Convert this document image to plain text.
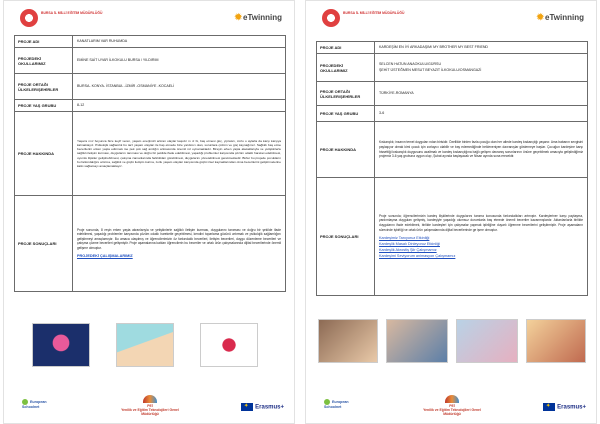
BURSA İL MİLLİ EĞİTİM MÜDÜRLÜĞÜ	✹eTwinning
PROJE ADI	KANATLARIM VAR RUHUMDA
PROJEDEKİ OKULLARIMIZ	EMİNE SAİT UYAR İLKOKULU BURSA / YILDIRIM
PROJE ORTAĞI ÜLKELER/ŞEHİRLER	BURSA- KONYA- İSTANBUL -İZMİR -OSMANİYE -KOCAELİ
PROJE YAŞ GRUBU	8-12
PROJE HAKKINDA	Yaşamı mız boyunca bize keyif veren, yaşam enerjimizi artıran olaylar kaşıdır m ız bi, baş etmesi güç, yıpratıcı, zorlu o aylarla da karşı karşıya kalmaktayız. Psikolojik sağlamlık bu tarz yaşam olayları ile baş etmede bize yardımcı olan, sorunlara çözüm ve güç kaynağımız. Sağlıklı baş etme becerilerini erken yaşta edinmek ise pek çok sağ amlığın artmasında önemli rol oynamaktadır. Bireyin erken yaşta alacaklarıyla ve yetişkinlerle sağlıklı iletişim kurması, duygularını tanıması ve doğru bir şekilde ifade edebilmesi, yaşadığı problemler karşısında çözüm odaklı hareket edebilmesi, uyumlu ilişkiler geliştirebilmesi, çatışma zamanlarında farklılıkları görebilmesi, duygularını yönetebilmesi gerekmektedir. Bizler bu projede çocukların bu farkındalığını artırma, sağlıklı ve güçlü iletişim kurma, zorlu yaşam olayları karşısında güçlü izsel kaynaklarından olma becerilerini geliştirmelerine katkı sağlamayı amaçlamaktayız.
PROJE SONUÇLARI	Proje sonunda, 8 reşin erken yaşta akranlarıyla ve yetişkinlerle sağlıklı iletişim kurması, duygularını tanıması ve doğru bir şekilde ifade edebilmesi, yaşadığı problemler karşısında çözüm odaklı hareketle geçebilmesi, kendini toparlama gücünü artırmak ve psikolojik sağlamlığını geliştirmeyi amaçlamıştır. Bu amaca ulaşılmış ve öğrencilerimizin öz farkındalık becerileri, iletişim becerileri, duygu düzenleme becerileri ve çatışma çözme becerileri gelişmiştir. Proje aşamalarına katılan öğrencilerin bu beceriler ve ortak ürün çalışmalarında dijital becerilerinde önemli gelişme olmuştur.

PROJEDEKİ ÇALIŞMALARIMIZ
European Schoolnet	PEİ
Yenilik ve Eğitim Teknolojileri Genel Müdürlüğü
✦Erasmus+
BURSA İL MİLLİ EĞİTİM MÜDÜRLÜĞÜ	✹eTwinning
PROJE ADI	KARDEŞİM EN İYİ ARKADAŞIM/ MY BROTHER MY BEST FRIEND
PROJEDEKİ OKULLARIMIZ	SELCEN HATUN ANAOKULU/GÜRSU
ŞEHİT ÜSTEĞMEN MESUT BEYAZIT İLKOKULU/OSMANGAZİ

PROJE ORTAĞI ÜLKELER/ŞEHİRLER	TÜRKİYE-ROMANYA
PROJE YAŞ GRUBU	3-6
PROJE HAKKINDA	Kıskançlık; insanın temel duyguları ndan birisidir. Özellikle birden fazla çocuğu olan her ailede kardeş kıskançlığı yaşanır. Ama babanın sevgisini paylaşıyor olmak kimi çocuk için zorlayıcı olabilir ve bay edemediğinde bekleneniyen davranışlar gösterneye başlar. Çocuğun kardeşine karşı hissettiği kıskançlık duygusunu azaltmak ve kardeş kıskançlığına bağlı gelişen davranış sorunlarının önüne geçebilmek amacıyla geliştirdiğimiz projemiz 3-6 yaş grubuna uygun olup ,Şubat ayında başlayacak ve Nisan ayında sona erecektir.
PROJE SONUÇLARI	Proje sonunda; öğrencilerimizin kardeş ilişkilerinde duygularını tanıma konusunda farkındalıkları artmıştır. Kardeşleriner karşı paylaşma, yardımlaşma duyguları gelişmiş, kardeşiyle yaşadığı olumsuz durumlarla baş etmede önemli beceriler kazanmışlardır. Aktarılanlarla birlikte duygularını ifade edebilmek, birlikte kardeşleri için çalışmalar yapmak iştirliğine duyarlı öğrenme becerilerini geliştirmiştir. Proje aşamaların sürecinde işbirliği ve ortak ürün çalışmalarında dijital becerilerinde ge işme olmuştur.

Kardeşimiz Tanıyoruz Etkinliği
Kardeşlik Masalı Dinleyoruz Etkinliği
Kardeşlik Akrostiş Şiir Çalışmamız
Kardeşimi Seviyorum animasyon Çalışmamız
European Schoolnet	PEİ
Yenilik ve Eğitim Teknolojileri Genel Müdürlüğü
✦Erasmus+
